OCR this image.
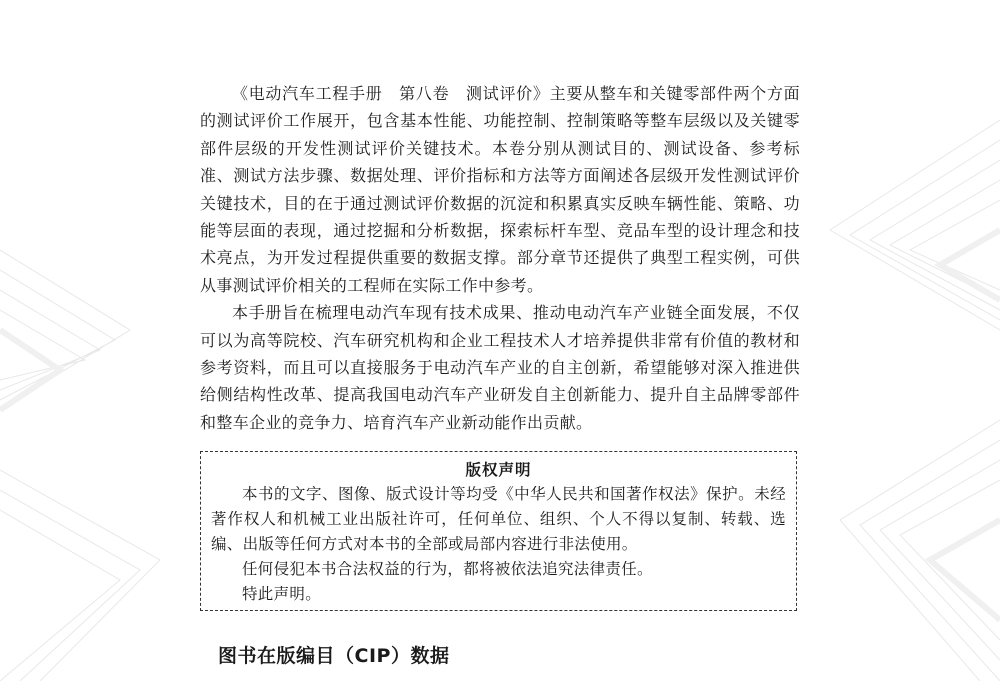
《电动汽车工程手册　第八卷　测试评价》主要从整车和关键零部件两个方面的测试评价工作展开，包含基本性能、功能控制、控制策略等整车层级以及关键零部件层级的开发性测试评价关键技术。本卷分别从测试目的、测试设备、参考标准、测试方法步骤、数据处理、评价指标和方法等方面阐述各层级开发性测试评价关键技术，目的在于通过测试评价数据的沉淀和积累真实反映车辆性能、策略、功能等层面的表现，通过挖掘和分析数据，探索标杆车型、竞品车型的设计理念和技术亮点，为开发过程提供重要的数据支撑。部分章节还提供了典型工程实例，可供从事测试评价相关的工程师在实际工作中参考。

本手册旨在梳理电动汽车现有技术成果、推动电动汽车产业链全面发展，不仅可以为高等院校、汽车研究机构和企业工程技术人才培养提供非常有价值的教材和参考资料，而且可以直接服务于电动汽车产业的自主创新，希望能够对深入推进供给侧结构性改革、提高我国电动汽车产业研发自主创新能力、提升自主品牌零部件和整车企业的竞争力、培育汽车产业新动能作出贡献。

版权声明

本书的文字、图像、版式设计等均受《中华人民共和国著作权法》保护。未经著作权人和机械工业出版社许可，任何单位、组织、个人不得以复制、转载、选编、出版等任何方式对本书的全部或局部内容进行非法使用。

任何侵犯本书合法权益的行为，都将被依法追究法律责任。

特此声明。

图书在版编目（CIP）数据
